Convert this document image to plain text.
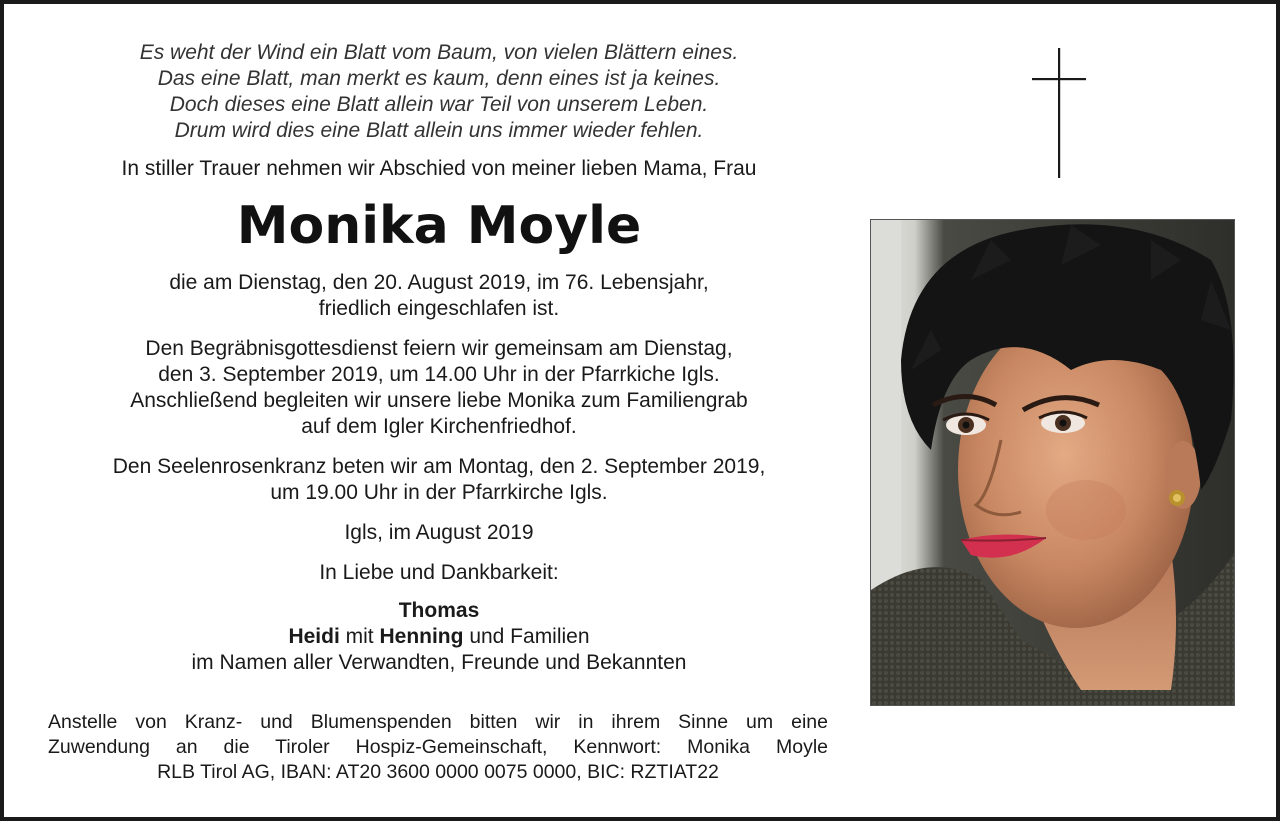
Es weht der Wind ein Blatt vom Baum, von vielen Blättern eines.
Das eine Blatt, man merkt es kaum, denn eines ist ja keines.
Doch dieses eine Blatt allein war Teil von unserem Leben.
Drum wird dies eine Blatt allein uns immer wieder fehlen.
In stiller Trauer nehmen wir Abschied von meiner lieben Mama, Frau
Monika Moyle
die am Dienstag, den 20. August 2019, im 76. Lebensjahr,
friedlich eingeschlafen ist.
Den Begräbnisgottesdienst feiern wir gemeinsam am Dienstag,
den 3. September 2019, um 14.00 Uhr in der Pfarrkiche Igls.
Anschließend begleiten wir unsere liebe Monika zum Familiengrab
auf dem Igler Kirchenfriedhof.
Den Seelenrosenkranz beten wir am Montag, den 2. September 2019,
um 19.00 Uhr in der Pfarrkirche Igls.
Igls, im August 2019
In Liebe und Dankbarkeit:
Thomas
Heidi mit Henning und Familien
im Namen aller Verwandten, Freunde und Bekannten
Anstelle von Kranz- und Blumenspenden bitten wir in ihrem Sinne um eine
Zuwendung an die Tiroler Hospiz-Gemeinschaft, Kennwort: Monika Moyle
RLB Tirol AG, IBAN: AT20 3600 0000 0075 0000, BIC: RZTIAT22
